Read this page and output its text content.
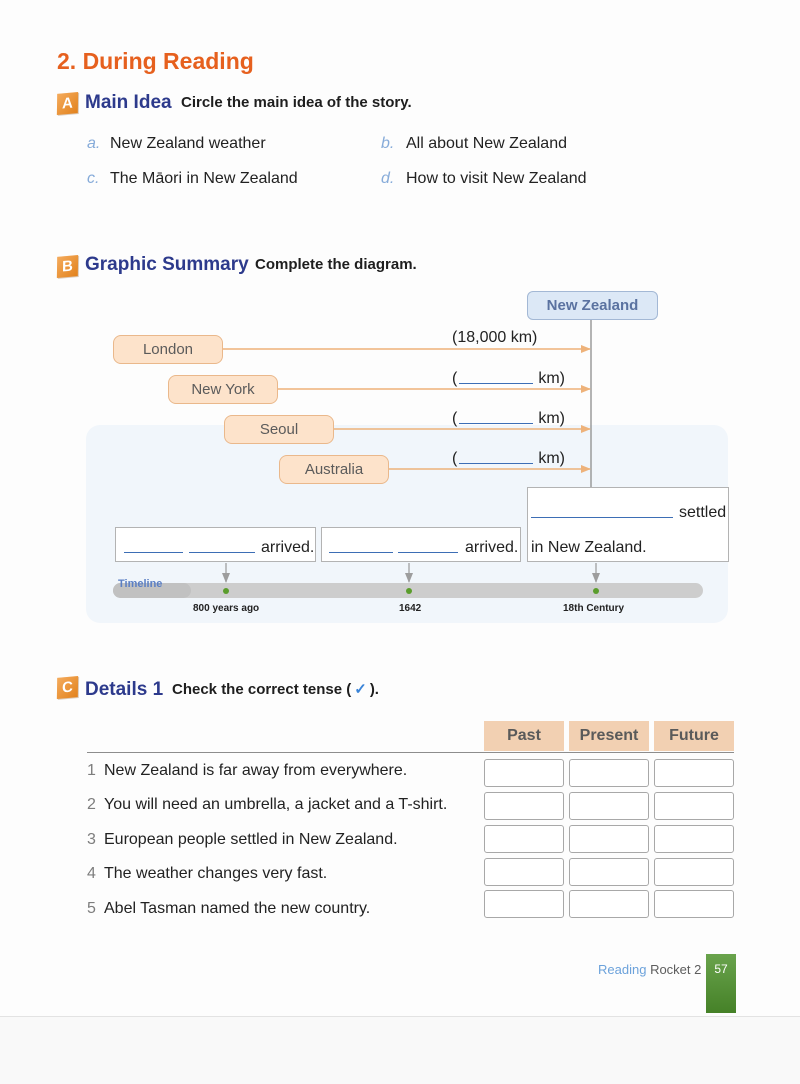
2. During Reading
A Main Idea Circle the main idea of the story.
a. New Zealand weather	b. All about New Zealand
c. The Māori in New Zealand	d. How to visit New Zealand
B Graphic Summary Complete the diagram.
New Zealand
London
New York
Seoul
Australia
(18,000 km)
(	km)
(	km)
(	km)
arrived.	arrived.
settled
in New Zealand.
Timeline
800 years ago	1642	18th Century
C Details 1 Check the correct tense ( ✓ ).
Past	Present	Future
1 New Zealand is far away from everywhere.
2 You will need an umbrella, a jacket and a T-shirt.
3 European people settled in New Zealand.
4 The weather changes very fast.
5 Abel Tasman named the new country.
Reading Rocket 2	57
